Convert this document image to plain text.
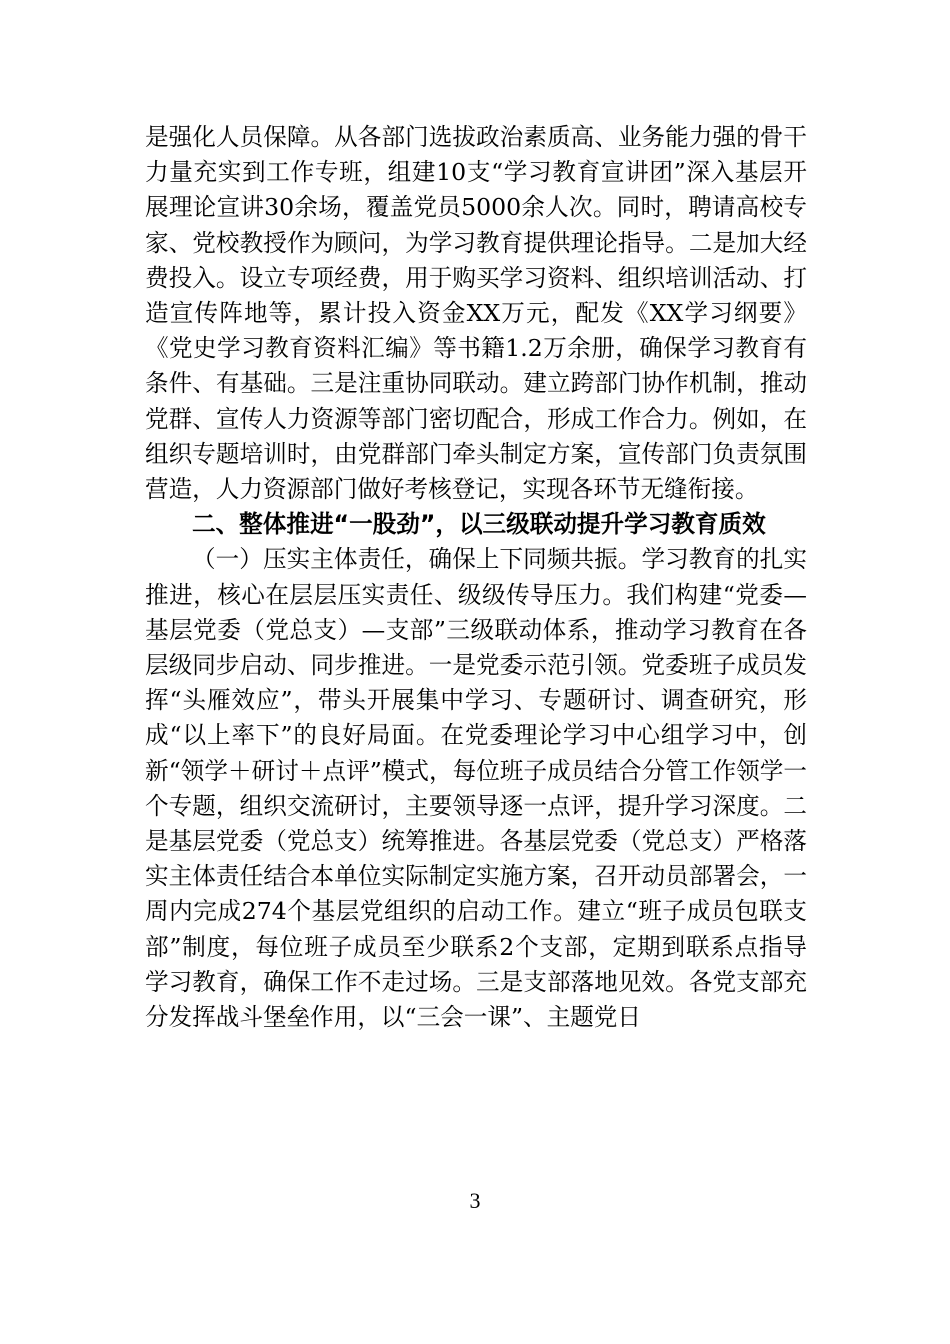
是强化人员保障。从各部门选拔政治素质高、业务能力强的骨干力量充实到工作专班，组建10支“学习教育宣讲团”深入基层开展理论宣讲30余场，覆盖党员5000余人次。同时，聘请高校专家、党校教授作为顾问，为学习教育提供理论指导。二是加大经费投入。设立专项经费，用于购买学习资料、组织培训活动、打造宣传阵地等，累计投入资金XX万元，配发《XX学习纲要》《党史学习教育资料汇编》等书籍1.2万余册，确保学习教育有条件、有基础。三是注重协同联动。建立跨部门协作机制，推动党群、宣传人力资源等部门密切配合，形成工作合力。例如，在组织专题培训时，由党群部门牵头制定方案，宣传部门负责氛围营造，人力资源部门做好考核登记，实现各环节无缝衔接。

二、整体推进“一股劲”，以三级联动提升学习教育质效

（一）压实主体责任，确保上下同频共振。学习教育的扎实推进，核心在层层压实责任、级级传导压力。我们构建“党委—基层党委（党总支）—支部”三级联动体系，推动学习教育在各层级同步启动、同步推进。一是党委示范引领。党委班子成员发挥“头雁效应”，带头开展集中学习、专题研讨、调查研究，形成“以上率下”的良好局面。在党委理论学习中心组学习中，创新“领学＋研讨＋点评”模式，每位班子成员结合分管工作领学一个专题，组织交流研讨，主要领导逐一点评，提升学习深度。二是基层党委（党总支）统筹推进。各基层党委（党总支）严格落实主体责任结合本单位实际制定实施方案，召开动员部署会，一周内完成274个基层党组织的启动工作。建立“班子成员包联支部”制度，每位班子成员至少联系2个支部，定期到联系点指导学习教育，确保工作不走过场。三是支部落地见效。各党支部充分发挥战斗堡垒作用，以“三会一课”、主题党日

3
